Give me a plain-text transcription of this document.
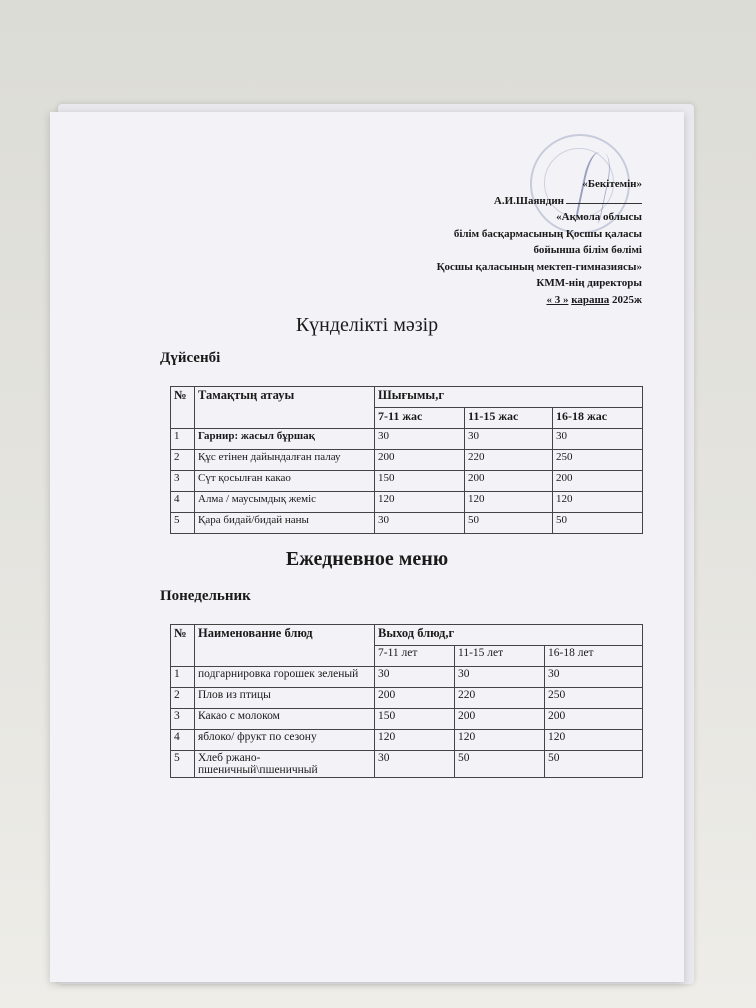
«Бекітемін»
А.И.Шаяндин
«Ақмола облысы
білім басқармасының Қосшы қаласы
бойынша білім бөлімі
Қосшы қаласының мектеп-гимназиясы»
КММ-нің директоры
« 3 » караша 2025ж
Күнделікті мәзір
Дүйсенбі
№	Тамақтың атауы	Шығымы,г		
		7-11 жас	11-15 жас	16-18 жас
1	Гарнир: жасыл бұршақ	30	30	30
2	Құс етінен дайындалған палау	200	220	250
3	Сүт қосылған какао	150	200	200
4	Алма / маусымдық жеміс	120	120	120
5	Қара бидай/бидай наны	30	50	50
Ежедневное меню
Понедельник
№	Наименование блюд	Выход блюд,г		
		7-11 лет	11-15 лет	16-18 лет
1	подгарнировка горошек зеленый	30	30	30
2	Плов из птицы	200	220	250
3	Какао с молоком	150	200	200
4	яблоко/ фрукт по сезону	120	120	120
5	Хлеб ржано-пшеничный\пшеничный	30	50	50
